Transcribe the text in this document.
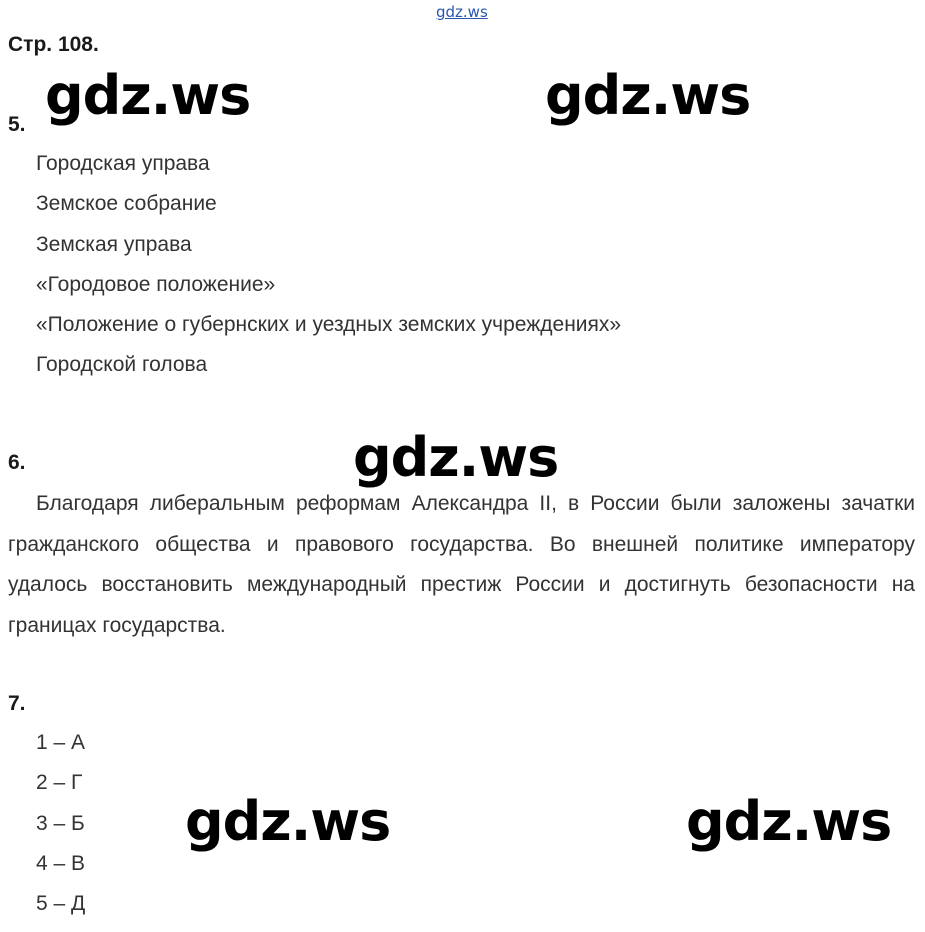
gdz.ws
Стр. 108.
5.
Городская управа
Земское собрание
Земская управа
«Городовое положение»
«Положение о губернских и уездных земских учреждениях»
Городской голова
6.

Благодаря либеральным реформам Александра II, в России были заложены зачатки гражданского общества и правового государства. Во внешней политике императору удалось восстановить международный престиж России и достигнуть безопасности на границах государства.

7.
1 – А
2 – Г
3 – Б
4 – В
5 – Д
gdz.ws	gdz.ws
gdz.ws
gdz.ws	gdz.ws
